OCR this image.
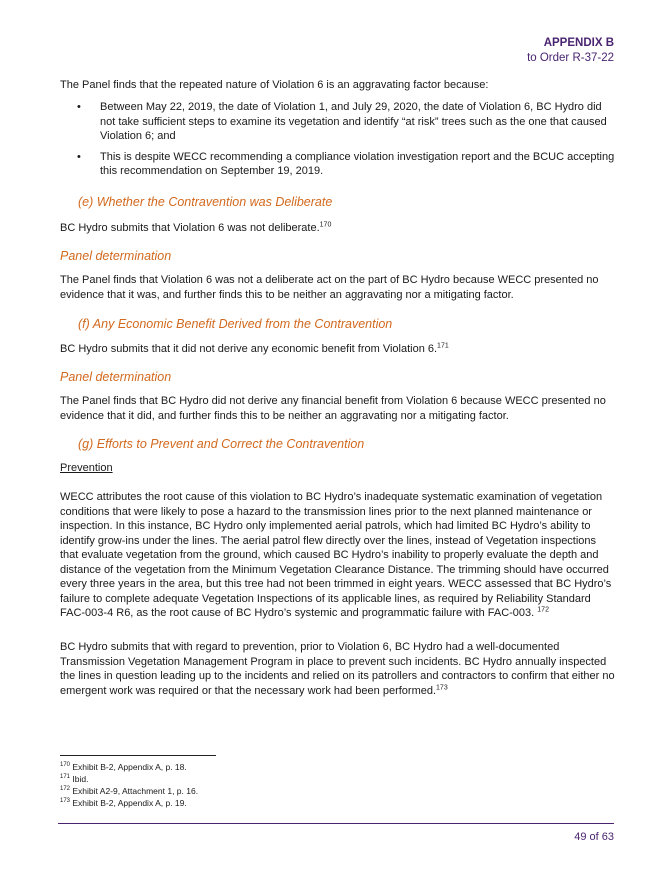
APPENDIX B
to Order R-37-22
The Panel finds that the repeated nature of Violation 6 is an aggravating factor because:
• Between May 22, 2019, the date of Violation 1, and July 29, 2020, the date of Violation 6, BC Hydro did not take sufficient steps to examine its vegetation and identify “at risk” trees such as the one that caused Violation 6; and
• This is despite WECC recommending a compliance violation investigation report and the BCUC accepting this recommendation on September 19, 2019.
(e) Whether the Contravention was Deliberate
BC Hydro submits that Violation 6 was not deliberate.$^{170}$
Panel determination
The Panel finds that Violation 6 was not a deliberate act on the part of BC Hydro because WECC presented no evidence that it was, and further finds this to be neither an aggravating nor a mitigating factor.
(f) Any Economic Benefit Derived from the Contravention
BC Hydro submits that it did not derive any economic benefit from Violation 6.$^{171}$
Panel determination
The Panel finds that BC Hydro did not derive any financial benefit from Violation 6 because WECC presented no evidence that it did, and further finds this to be neither an aggravating nor a mitigating factor.
(g) Efforts to Prevent and Correct the Contravention
Prevention
WECC attributes the root cause of this violation to BC Hydro’s inadequate systematic examination of vegetation conditions that were likely to pose a hazard to the transmission lines prior to the next planned maintenance or inspection. In this instance, BC Hydro only implemented aerial patrols, which had limited BC Hydro’s ability to identify grow-ins under the lines. The aerial patrol flew directly over the lines, instead of Vegetation inspections that evaluate vegetation from the ground, which caused BC Hydro’s inability to properly evaluate the depth and distance of the vegetation from the Minimum Vegetation Clearance Distance. The trimming should have occurred every three years in the area, but this tree had not been trimmed in eight years. WECC assessed that BC Hydro’s failure to complete adequate Vegetation Inspections of its applicable lines, as required by Reliability Standard FAC-003-4 R6, as the root cause of BC Hydro’s systemic and programmatic failure with FAC-003. $^{172}$
BC Hydro submits that with regard to prevention, prior to Violation 6, BC Hydro had a well-documented Transmission Vegetation Management Program in place to prevent such incidents. BC Hydro annually inspected the lines in question leading up to the incidents and relied on its patrollers and contractors to confirm that either no emergent work was required or that the necessary work had been performed.$^{173}$
$^{170}$ Exhibit B-2, Appendix A, p. 18.
$^{171}$ Ibid.
$^{172}$ Exhibit A2-9, Attachment 1, p. 16.
$^{173}$ Exhibit B-2, Appendix A, p. 19.
49 of 63
